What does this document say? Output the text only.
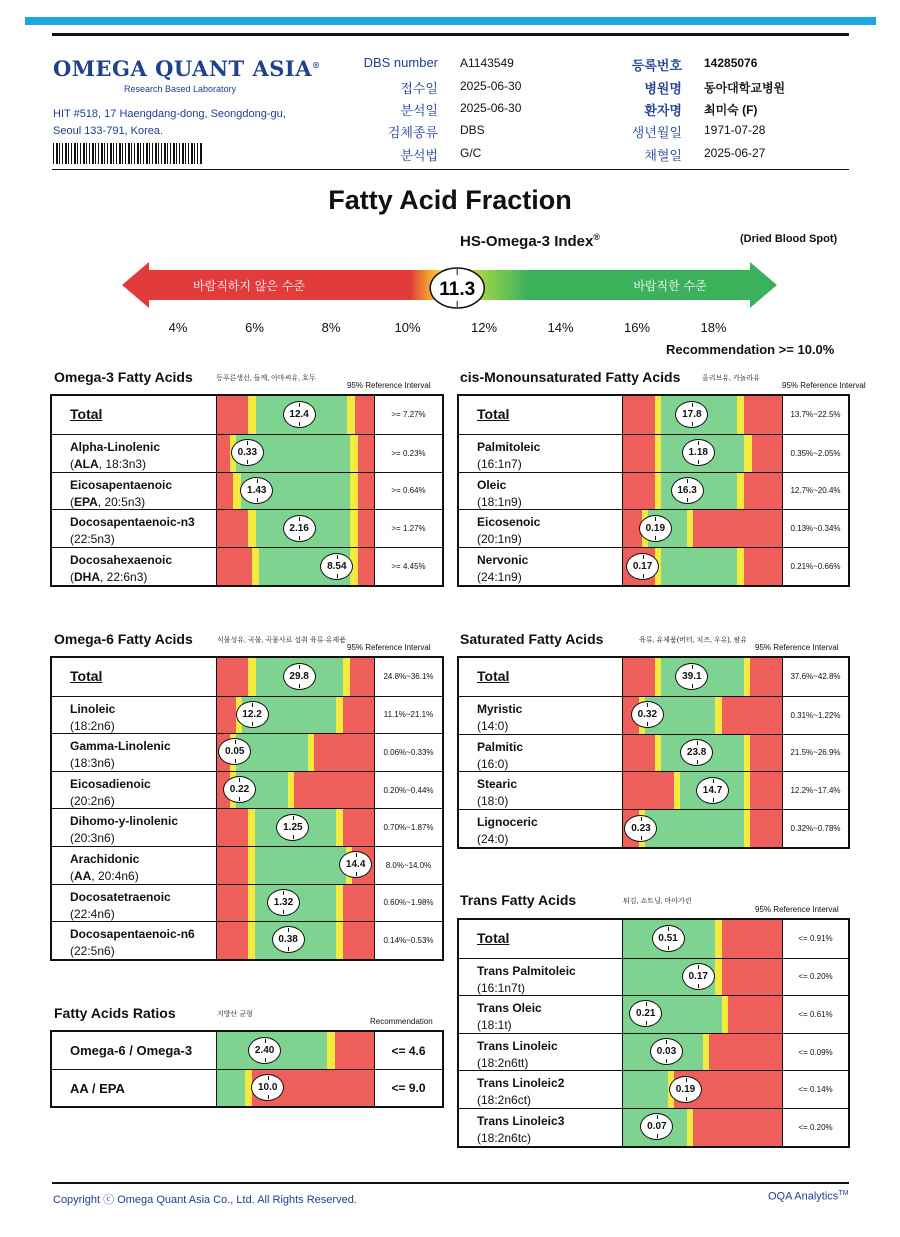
OMEGA QUANT ASIA®
Research Based Laboratory
HIT #518, 17 Haengdang-dong, Seongdong-gu,
Seoul 133-791, Korea.
DBS number A1143549
접수일 2025-06-30
분석일 2025-06-30
검체종류 DBS
분석법 G/C
등록번호 14285076
병원명 동아대학교병원
환자명 최미숙 (F)
생년월일 1971-07-28
채혈일 2025-06-27
Fatty Acid Fraction
HS-Omega-3 Index®	(Dried Blood Spot)
바람직하지 않은 수준	바람직한 수준
11.3
4%	6%	8%	10%	12%	14%	16%	18%
Recommendation >= 10.0%
Omega-3 Fatty Acids	등푸른생선, 들깨, 아마씨유, 호두
95% Reference Interval
Total	12.4	>= 7.27%
Alpha-Linolenic
(ALA, 18:3n3)
0.33	>= 0.23%
Eicosapentaenoic
(EPA, 20:5n3)
1.43	>= 0.64%
Docosapentaenoic-n3
(22:5n3)
2.16	>= 1.27%
Docosahexaenoic
(DHA, 22:6n3)
8.54	>= 4.45%
cis-Monounsaturated Fatty Acids	올리브유, 카놀라유
95% Reference Interval
Total	17.8	13.7%~22.5%
Palmitoleic
(16:1n7)
1.18	0.35%~2.05%
Oleic
(18:1n9)
16.3	12.7%~20.4%
Eicosenoic
(20:1n9)
0.19	0.13%~0.34%
Nervonic
(24:1n9)
0.17	0.21%~0.66%
Omega-6 Fatty Acids	식물성유, 곡물, 곡물사료 섭취 육류·유제품
95% Reference Interval
Total	29.8	24.8%~36.1%
Linoleic
(18:2n6)
12.2	11.1%~21.1%
Gamma-Linolenic
(18:3n6)
0.05	0.06%~0.33%
Eicosadienoic
(20:2n6)
0.22	0.20%~0.44%
Dihomo-y-linolenic
(20:3n6)
1.25	0.70%~1.87%
Arachidonic
(AA, 20:4n6)
14.4	8.0%~14.0%
Docosatetraenoic
(22:4n6)
1.32	0.60%~1.98%
Docosapentaenoic-n6
(22:5n6)
0.38	0.14%~0.53%
Saturated Fatty Acids	육류, 유제품(버터, 치즈, 우유), 팜유
95% Reference Interval
Total	39.1	37.6%~42.8%
Myristic
(14:0)
0.32	0.31%~1.22%
Palmitic
(16:0)
23.8	21.5%~26.9%
Stearic
(18:0)
14.7	12.2%~17.4%
Lignoceric
(24:0)
0.23	0.32%~0.78%
Trans Fatty Acids	튀김, 쇼트닝, 마아가린
95% Reference Interval
Total	0.51	<= 0.91%
Trans Palmitoleic
(16:1n7t)
0.17	<= 0.20%
Trans Oleic
(18:1t)
0.21	<= 0.61%
Trans Linoleic
(18:2n6tt)
0.03	<= 0.09%
Trans Linoleic2
(18:2n6ct)
0.19	<= 0.14%
Trans Linoleic3
(18:2n6tc)
0.07	<= 0.20%
Fatty Acids Ratios	지방산 균형
Recommendation
Omega-6 / Omega-3	2.40	<= 4.6
AA / EPA	10.0	<= 9.0
Copyright ⓒ Omega Quant Asia Co., Ltd. All Rights Reserved.	OQA Analytics™
